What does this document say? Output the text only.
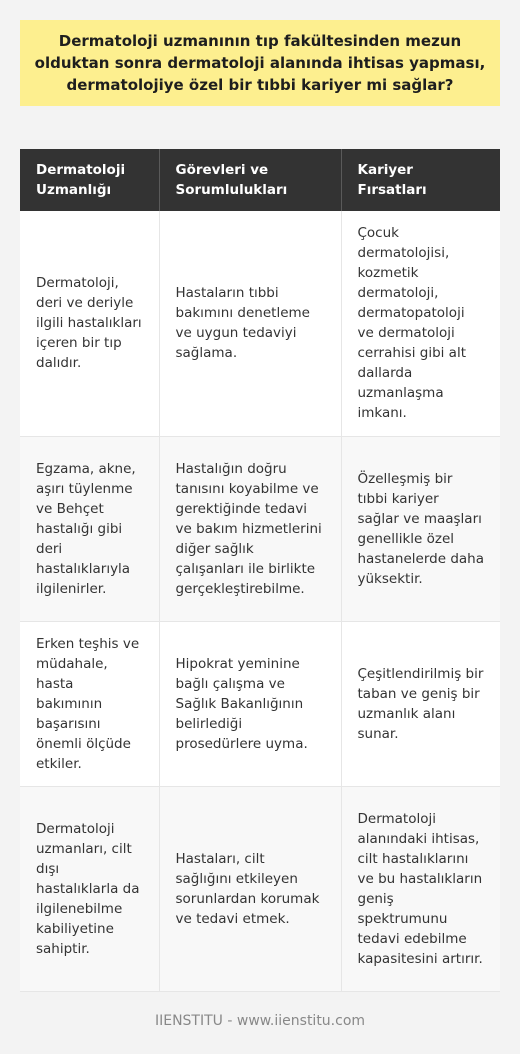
Dermatoloji uzmanının tıp fakültesinden mezun olduktan sonra dermatoloji alanında ihtisas yapması, dermatolojiye özel bir tıbbi kariyer mi sağlar?
Dermatoloji Uzmanlığı	Görevleri ve Sorumlulukları	Kariyer Fırsatları
Dermatoloji, deri ve deriyle ilgili hastalıkları içeren bir tıp dalıdır.	Hastaların tıbbi bakımını denetleme ve uygun tedaviyi sağlama.	Çocuk dermatolojisi, kozmetik dermatoloji, dermatopatoloji ve dermatoloji cerrahisi gibi alt dallarda uzmanlaşma imkanı.
Egzama, akne, aşırı tüylenme ve Behçet hastalığı gibi deri hastalıklarıyla ilgilenirler.	Hastalığın doğru tanısını koyabilme ve gerektiğinde tedavi ve bakım hizmetlerini diğer sağlık çalışanları ile birlikte gerçekleştirebilme.	Özelleşmiş bir tıbbi kariyer sağlar ve maaşları genellikle özel hastanelerde daha yüksektir.
Erken teşhis ve müdahale, hasta bakımının başarısını önemli ölçüde etkiler.	Hipokrat yeminine bağlı çalışma ve Sağlık Bakanlığının belirlediği prosedürlere uyma.	Çeşitlendirilmiş bir taban ve geniş bir uzmanlık alanı sunar.
Dermatoloji uzmanları, cilt dışı hastalıklarla da ilgilenebilme kabiliyetine sahiptir.	Hastaları, cilt sağlığını etkileyen sorunlardan korumak ve tedavi etmek.	Dermatoloji alanındaki ihtisas, cilt hastalıklarını ve bu hastalıkların geniş spektrumunu tedavi edebilme kapasitesini artırır.
IIENSTITU - www.iienstitu.com
